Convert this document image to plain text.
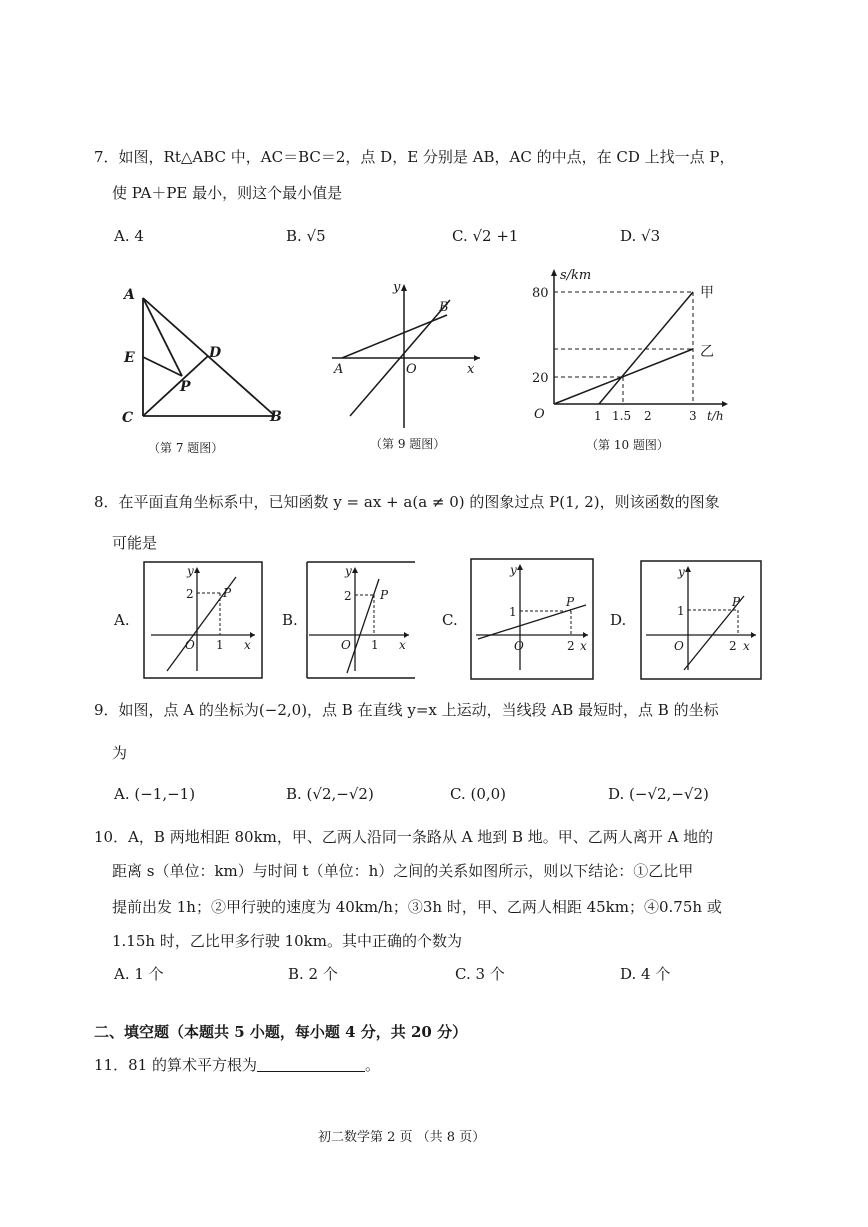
7．如图，Rt△ABC 中，AC＝BC＝2，点 D，E 分别是 AB，AC 的中点，在 CD 上找一点 P，
使 PA＋PE 最小，则这个最小值是
A. 4	B. √5	C. √2 +1	D. √3
A
E	D
P
C	B
（第 7 题图）
y
B
A	O	x
（第 9 题图）
s/km
80
20
O	1 1.5 2	3 t/h
甲
乙
（第 10 题图）
8．在平面直角坐标系中，已知函数 y = ax + a(a ≠ 0) 的图象过点 P(1, 2)，则该函数的图象
可能是
A.
y
2 P
O 1 x
B.
y
2 P
O 1 x
C.
y
1
P
O	2 x
D.
y
1
P
O	2 x
9．如图，点 A 的坐标为(−2,0)，点 B 在直线 y=x 上运动，当线段 AB 最短时，点 B 的坐标
为
A. (−1,−1)	B. (√2,−√2)	C. (0,0)	D. (−√2,−√2)
10．A，B 两地相距 80km，甲、乙两人沿同一条路从 A 地到 B 地。甲、乙两人离开 A 地的
距离 s（单位：km）与时间 t（单位：h）之间的关系如图所示，则以下结论：①乙比甲
提前出发 1h；②甲行驶的速度为 40km/h；③3h 时，甲、乙两人相距 45km；④0.75h 或
1.15h 时，乙比甲多行驶 10km。其中正确的个数为
A. 1 个	B. 2 个	C. 3 个	D. 4 个
二、填空题（本题共 5 小题，每小题 4 分，共 20 分）
11．81 的算术平方根为	。
初二数学第 2 页 （共 8 页）
